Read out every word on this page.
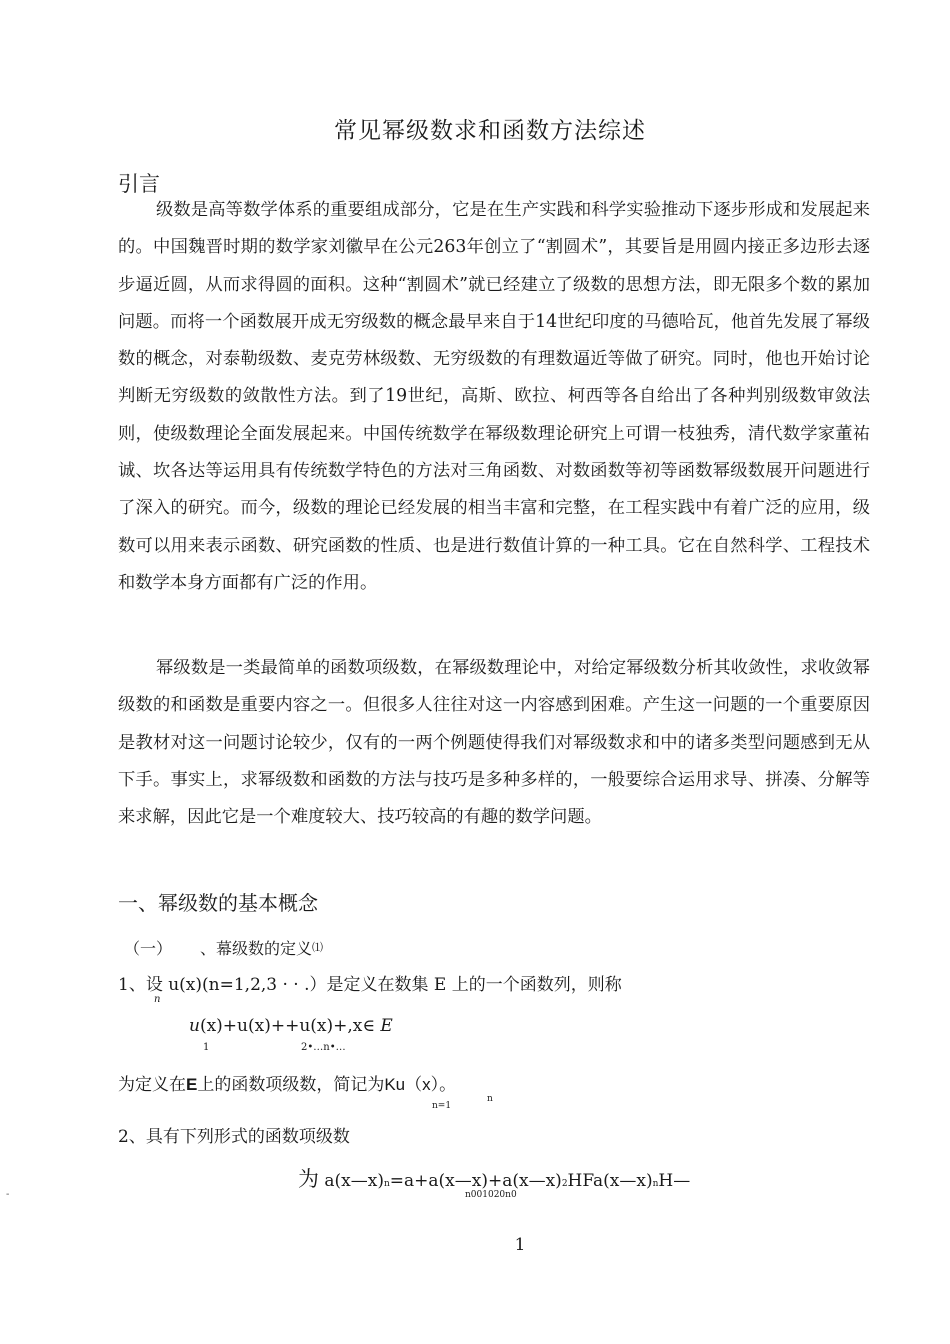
常见幂级数求和函数方法综述
引言

级数是高等数学体系的重要组成部分，它是在生产实践和科学实验推动下逐步形成和发展起来的。中国魏晋时期的数学家刘徽早在公元263年创立了“割圆术”，其要旨是用圆内接正多边形去逐步逼近圆，从而求得圆的面积。这种“割圆术”就已经建立了级数的思想方法，即无限多个数的累加问题。而将一个函数展开成无穷级数的概念最早来自于14世纪印度的马德哈瓦，他首先发展了幂级数的概念，对泰勒级数、麦克劳林级数、无穷级数的有理数逼近等做了研究。同时，他也开始讨论判断无穷级数的敛散性方法。到了19世纪，高斯、欧拉、柯西等各自给出了各种判别级数审敛法则，使级数理论全面发展起来。中国传统数学在幂级数理论研究上可谓一枝独秀，清代数学家董祐诚、坎各达等运用具有传统数学特色的方法对三角函数、对数函数等初等函数幂级数展开问题进行了深入的研究。而今，级数的理论已经发展的相当丰富和完整，在工程实践中有着广泛的应用，级数可以用来表示函数、研究函数的性质、也是进行数值计算的一种工具。它在自然科学、工程技术和数学本身方面都有广泛的作用。

幂级数是一类最简单的函数项级数，在幂级数理论中，对给定幂级数分析其收敛性，求收敛幂级数的和函数是重要内容之一。但很多人往往对这一内容感到困难。产生这一问题的一个重要原因是教材对这一问题讨论较少，仅有的一两个例题使得我们对幂级数求和中的诸多类型问题感到无从下手。事实上，求幂级数和函数的方法与技巧是多种多样的，一般要综合运用求导、拼凑、分解等来求解，因此它是一个难度较大、技巧较高的有趣的数学问题。

一、幂级数的基本概念
（一） 、幕级数的定义⑴
1、设 u(x)(n=1,2,3 · · .）是定义在数集 E 上的一个函数列，则称
n
u(x)+u(x)++u(x)+,x∈ E
1	2•…n•…
为定义在E上的函数项级数，简记为Ku（x）。
n
n=1
2、具有下列形式的函数项级数
为 a(x—x)n=a+a(x—x)+a(x—x)2HFa(x—x)nH—
n001020n0
-
1
